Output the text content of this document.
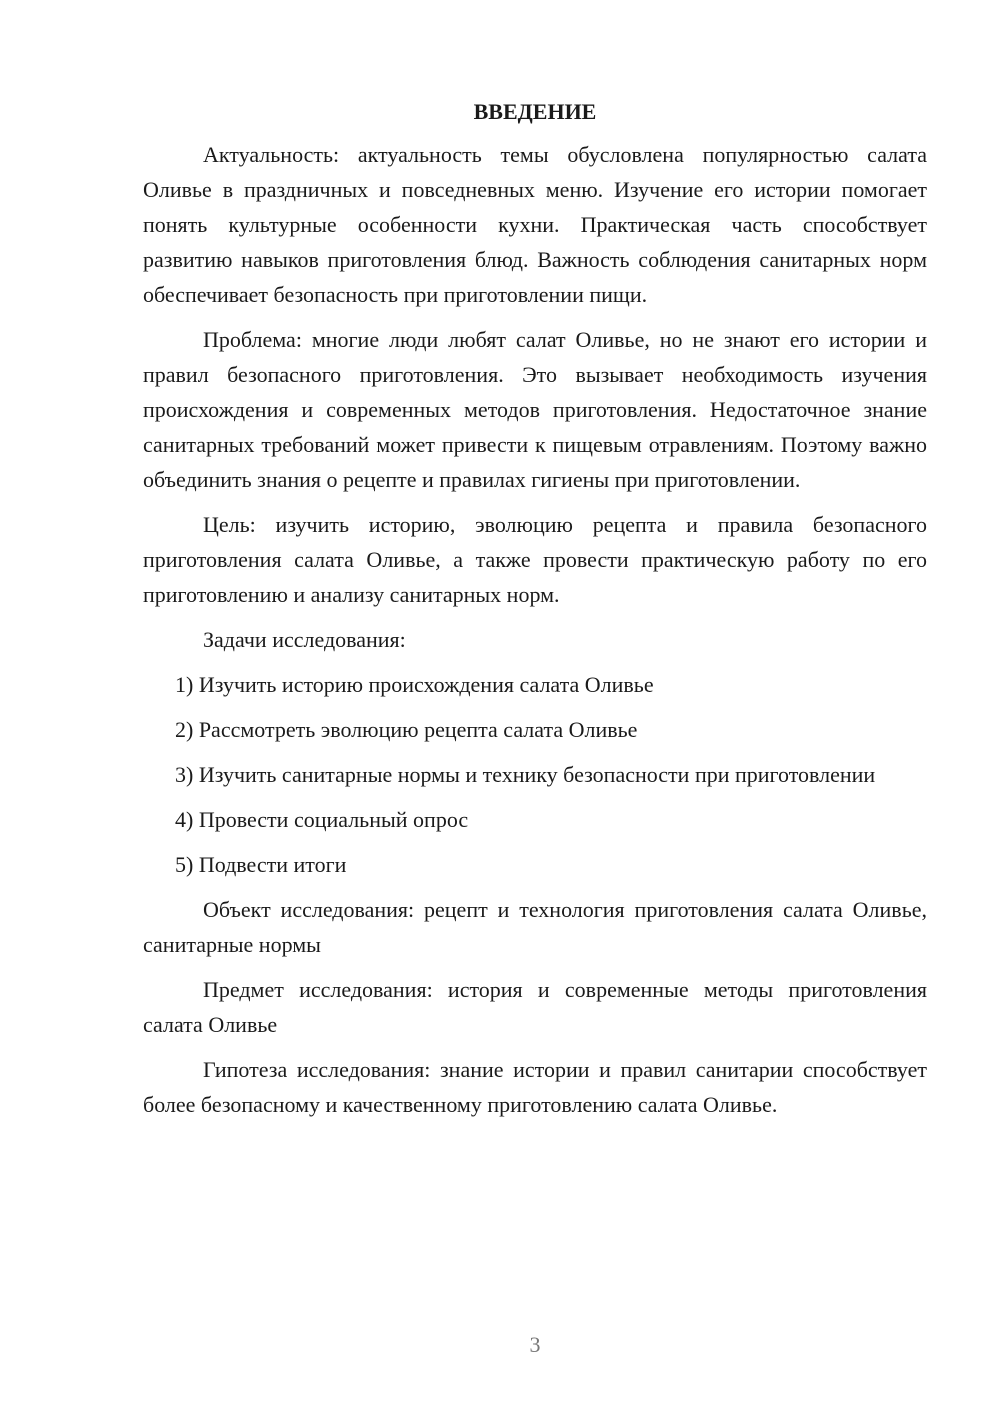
ВВЕДЕНИЕ

Актуальность: актуальность темы обусловлена популярностью салата Оливье в праздничных и повседневных меню. Изучение его истории помогает понять культурные особенности кухни. Практическая часть способствует развитию навыков приготовления блюд. Важность соблюдения санитарных норм обеспечивает безопасность при приготовлении пищи.

Проблема: многие люди любят салат Оливье, но не знают его истории и правил безопасного приготовления. Это вызывает необходимость изучения происхождения и современных методов приготовления. Недостаточное знание санитарных требований может привести к пищевым отравлениям. Поэтому важно объединить знания о рецепте и правилах гигиены при приготовлении.

Цель: изучить историю, эволюцию рецепта и правила безопасного приготовления салата Оливье, а также провести практическую работу по его приготовлению и анализу санитарных норм.

Задачи исследования:

1) Изучить историю происхождения салата Оливье

2) Рассмотреть эволюцию рецепта салата Оливье

3) Изучить санитарные нормы и технику безопасности при приготовлении

4) Провести социальный опрос

5) Подвести итоги

Объект исследования: рецепт и технология приготовления салата Оливье, санитарные нормы

Предмет исследования: история и современные методы приготовления салата Оливье

Гипотеза исследования: знание истории и правил санитарии способствует более безопасному и качественному приготовлению салата Оливье.

3
